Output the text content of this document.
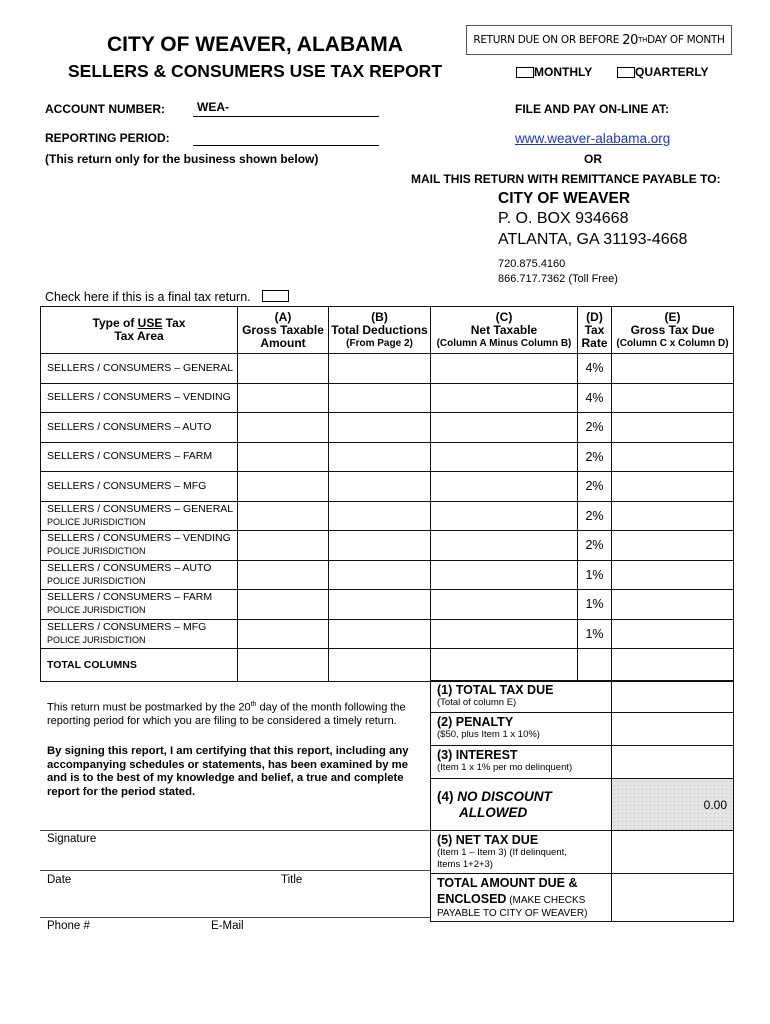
CITY OF WEAVER, ALABAMA
SELLERS & CONSUMERS USE TAX REPORT
RETURN DUE ON OR BEFORE
20 TH DAY OF MONTH
MONTHLY	QUARTERLY
ACCOUNT NUMBER:	WEA-
REPORTING PERIOD:
(This return only for the business shown below)
FILE AND PAY ON-LINE AT:
www.weaver-alabama.org
OR
MAIL THIS RETURN WITH REMITTANCE PAYABLE TO:
CITY OF WEAVER
P. O. BOX 934668
ATLANTA, GA 31193-4668
720.875.4160
866.717.7362 (Toll Free)
Check here if this is a final tax return.
Type of USE Tax
Tax Area

(A)
Gross Taxable
Amount

(B)
Total Deductions
(From Page 2)

(C)
Net Taxable
(Column A Minus Column B)

(D)
Tax
Rate

(E)
Gross Tax Due
(Column C x Column D)

SELLERS / CONSUMERS – GENERAL				4%	
SELLERS / CONSUMERS – VENDING				4%	
SELLERS / CONSUMERS – AUTO				2%	
SELLERS / CONSUMERS – FARM				2%	
SELLERS / CONSUMERS – MFG				2%	
SELLERS / CONSUMERS – GENERAL
POLICE JURISDICTION				2%	
SELLERS / CONSUMERS – VENDING
POLICE JURISDICTION				2%	
SELLERS / CONSUMERS – AUTO
POLICE JURISDICTION				1%	
SELLERS / CONSUMERS – FARM
POLICE JURISDICTION				1%	
SELLERS / CONSUMERS – MFG
POLICE JURISDICTION				1%	
TOTAL COLUMNS					
(1) TOTAL TAX DUE
(Total of column E)	

(2) PENALTY
($50, plus Item 1 x 10%)	

(3) INTEREST
(Item 1 x 1% per mo delinquent)	

(4) NO DISCOUNT
ALLOWED	0.00

(5) NET TAX DUE
(Item 1 – Item 3) (If delinquent,
Items 1+2+3)	

TOTAL AMOUNT DUE &
ENCLOSED (MAKE CHECKS
PAYABLE TO CITY OF WEAVER)	

This return must be postmarked by the 20th day of the month following the reporting period for which you are filing to be considered a timely return.
By signing this report, I am certifying that this report, including any accompanying schedules or statements, has been examined by me and is to the best of my knowledge and belief, a true and complete report for the period stated.
Signature
Date	Title
Phone #	E-Mail
